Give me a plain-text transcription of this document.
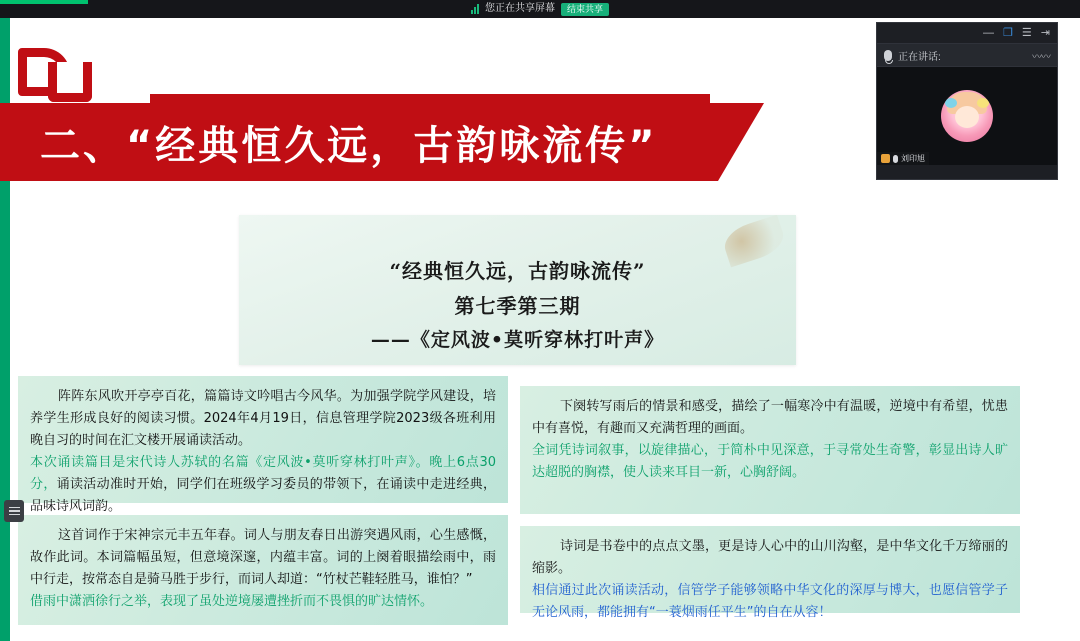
您正在共享屏幕	结束共享
二、“经典恒久远，古韵咏流传”
“经典恒久远，古韵咏流传”
第七季第三期
——《定风波•莫听穿林打叶声》
阵阵东风吹开亭亭百花，篇篇诗文吟唱古今风华。为加强学院学风建设，培养学生形成良好的阅读习惯。2024年4月19日，信息管理学院2023级各班利用晚自习的时间在汇文楼开展诵读活动。
本次诵读篇目是宋代诗人苏轼的名篇《定风波•莫听穿林打叶声》。晚上6点30分，诵读活动准时开始，同学们在班级学习委员的带领下，在诵读中走进经典，品味诗风词韵。
下阕转写雨后的情景和感受，描绘了一幅寒冷中有温暖，逆境中有希望，忧患中有喜悦，有趣而又充满哲理的画面。
全词凭诗词叙事，以旋律描心，于简朴中见深意，于寻常处生奇警，彰显出诗人旷达超脱的胸襟，使人读来耳目一新，心胸舒阔。
这首词作于宋神宗元丰五年春。词人与朋友春日出游突遇风雨，心生感慨，故作此词。本词篇幅虽短，但意境深邃，内蕴丰富。词的上阕着眼描绘雨中，雨中行走，按常态自是骑马胜于步行，而词人却道：“竹杖芒鞋轻胜马，谁怕？”
借雨中潇洒徐行之举，表现了虽处逆境屡遭挫折而不畏惧的旷达情怀。
诗词是书卷中的点点文墨，更是诗人心中的山川沟壑，是中华文化千万缔丽的缩影。
相信通过此次诵读活动，信管学子能够领略中华文化的深厚与博大，也愿信管学子无论风雨，都能拥有“一蓑烟雨任平生”的自在从容！
— ❐ ☰ ⇥
正在讲话:	〰〰
刘印旭
